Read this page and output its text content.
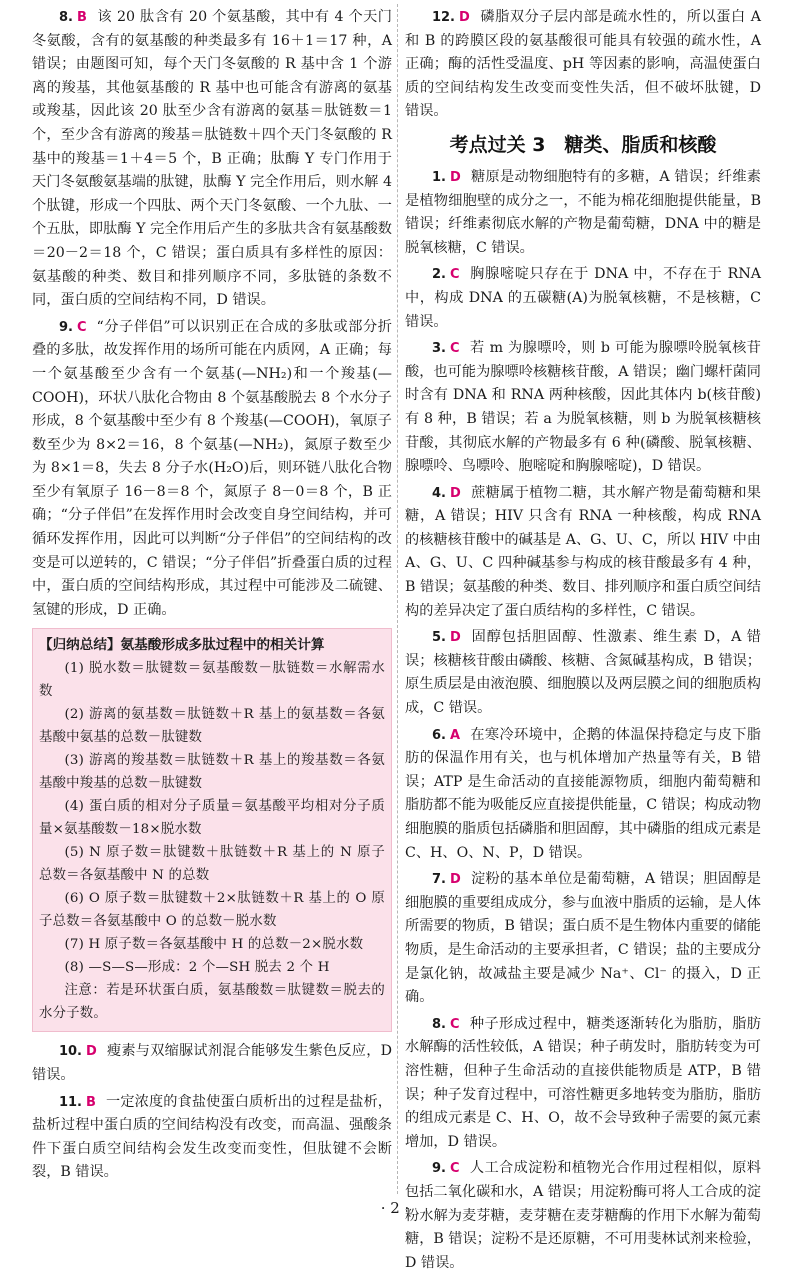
8. B 该 20 肽含有 20 个氨基酸，其中有 4 个天门冬氨酸，含有的氨基酸的种类最多有 16＋1＝17 种，A 错误；由题图可知，每个天门冬氨酸的 R 基中含 1 个游离的羧基，其他氨基酸的 R 基中也可能含有游离的氨基或羧基，因此该 20 肽至少含有游离的氨基＝肽链数＝1 个，至少含有游离的羧基＝肽链数＋四个天门冬氨酸的 R 基中的羧基＝1＋4＝5 个，B 正确；肽酶 Y 专门作用于天门冬氨酸氨基端的肽键，肽酶 Y 完全作用后，则水解 4 个肽键，形成一个四肽、两个天门冬氨酸、一个九肽、一个五肽，即肽酶 Y 完全作用后产生的多肽共含有氨基酸数＝20－2＝18 个，C 错误；蛋白质具有多样性的原因：氨基酸的种类、数目和排列顺序不同，多肽链的条数不同，蛋白质的空间结构不同，D 错误。

9. C “分子伴侣”可以识别正在合成的多肽或部分折叠的多肽，故发挥作用的场所可能在内质网，A 正确；每一个氨基酸至少含有一个氨基(—NH₂)和一个羧基(—COOH)，环状八肽化合物由 8 个氨基酸脱去 8 个水分子形成，8 个氨基酸中至少有 8 个羧基(—COOH)，氧原子数至少为 8×2＝16，8 个氨基(—NH₂)，氮原子数至少为 8×1＝8，失去 8 分子水(H₂O)后，则环链八肽化合物至少有氧原子 16－8＝8 个，氮原子 8－0＝8 个，B 正确；“分子伴侣”在发挥作用时会改变自身空间结构，并可循环发挥作用，因此可以判断“分子伴侣”的空间结构的改变是可以逆转的，C 错误；“分子伴侣”折叠蛋白质的过程中，蛋白质的空间结构形成，其过程中可能涉及二硫键、氢键的形成，D 正确。

【归纳总结】氨基酸形成多肽过程中的相关计算

(1) 脱水数＝肽键数＝氨基酸数－肽链数＝水解需水数

(2) 游离的氨基数＝肽链数＋R 基上的氨基数＝各氨基酸中氨基的总数－肽键数

(3) 游离的羧基数＝肽链数＋R 基上的羧基数＝各氨基酸中羧基的总数－肽键数

(4) 蛋白质的相对分子质量＝氨基酸平均相对分子质量×氨基酸数－18×脱水数

(5) N 原子数＝肽键数＋肽链数＋R 基上的 N 原子总数＝各氨基酸中 N 的总数

(6) O 原子数＝肽键数＋2×肽链数＋R 基上的 O 原子总数＝各氨基酸中 O 的总数－脱水数

(7) H 原子数＝各氨基酸中 H 的总数－2×脱水数

(8) —S—S—形成：2 个—SH 脱去 2 个 H

注意：若是环状蛋白质，氨基酸数＝肽键数＝脱去的水分子数。

10. D 瘦素与双缩脲试剂混合能够发生紫色反应，D 错误。

11. B 一定浓度的食盐使蛋白质析出的过程是盐析，盐析过程中蛋白质的空间结构没有改变，而高温、强酸条件下蛋白质空间结构会发生改变而变性，但肽键不会断裂，B 错误。

12. D 磷脂双分子层内部是疏水性的，所以蛋白 A 和 B 的跨膜区段的氨基酸很可能具有较强的疏水性，A 正确；酶的活性受温度、pH 等因素的影响，高温使蛋白质的空间结构发生改变而变性失活，但不破坏肽键，D 错误。

考点过关 3　糖类、脂质和核酸

1. D 糖原是动物细胞特有的多糖，A 错误；纤维素是植物细胞壁的成分之一，不能为棉花细胞提供能量，B 错误；纤维素彻底水解的产物是葡萄糖，DNA 中的糖是脱氧核糖，C 错误。

2. C 胸腺嘧啶只存在于 DNA 中，不存在于 RNA 中，构成 DNA 的五碳糖(A)为脱氧核糖，不是核糖，C 错误。

3. C 若 m 为腺嘌呤，则 b 可能为腺嘌呤脱氧核苷酸，也可能为腺嘌呤核糖核苷酸，A 错误；幽门螺杆菌同时含有 DNA 和 RNA 两种核酸，因此其体内 b(核苷酸)有 8 种，B 错误；若 a 为脱氧核糖，则 b 为脱氧核糖核苷酸，其彻底水解的产物最多有 6 种(磷酸、脱氧核糖、腺嘌呤、鸟嘌呤、胞嘧啶和胸腺嘧啶)，D 错误。

4. D 蔗糖属于植物二糖，其水解产物是葡萄糖和果糖，A 错误；HIV 只含有 RNA 一种核酸，构成 RNA 的核糖核苷酸中的碱基是 A、G、U、C，所以 HIV 中由 A、G、U、C 四种碱基参与构成的核苷酸最多有 4 种，B 错误；氨基酸的种类、数目、排列顺序和蛋白质空间结构的差异决定了蛋白质结构的多样性，C 错误。

5. D 固醇包括胆固醇、性激素、维生素 D，A 错误；核糖核苷酸由磷酸、核糖、含氮碱基构成，B 错误；原生质层是由液泡膜、细胞膜以及两层膜之间的细胞质构成，C 错误。

6. A 在寒冷环境中，企鹅的体温保持稳定与皮下脂肪的保温作用有关，也与机体增加产热量等有关，B 错误；ATP 是生命活动的直接能源物质，细胞内葡萄糖和脂肪都不能为吸能反应直接提供能量，C 错误；构成动物细胞膜的脂质包括磷脂和胆固醇，其中磷脂的组成元素是 C、H、O、N、P，D 错误。

7. D 淀粉的基本单位是葡萄糖，A 错误；胆固醇是细胞膜的重要组成成分，参与血液中脂质的运输，是人体所需要的物质，B 错误；蛋白质不是生物体内重要的储能物质，是生命活动的主要承担者，C 错误；盐的主要成分是氯化钠，故减盐主要是减少 Na⁺、Cl⁻ 的摄入，D 正确。

8. C 种子形成过程中，糖类逐渐转化为脂肪，脂肪水解酶的活性较低，A 错误；种子萌发时，脂肪转变为可溶性糖，但种子生命活动的直接供能物质是 ATP，B 错误；种子发育过程中，可溶性糖更多地转变为脂肪，脂肪的组成元素是 C、H、O，故不会导致种子需要的氮元素增加，D 错误。

9. C 人工合成淀粉和植物光合作用过程相似，原料包括二氧化碳和水，A 错误；用淀粉酶可将人工合成的淀粉水解为麦芽糖，麦芽糖在麦芽糖酶的作用下水解为葡萄糖，B 错误；淀粉不是还原糖，不可用斐林试剂来检验，D 错误。

· 2 ·
